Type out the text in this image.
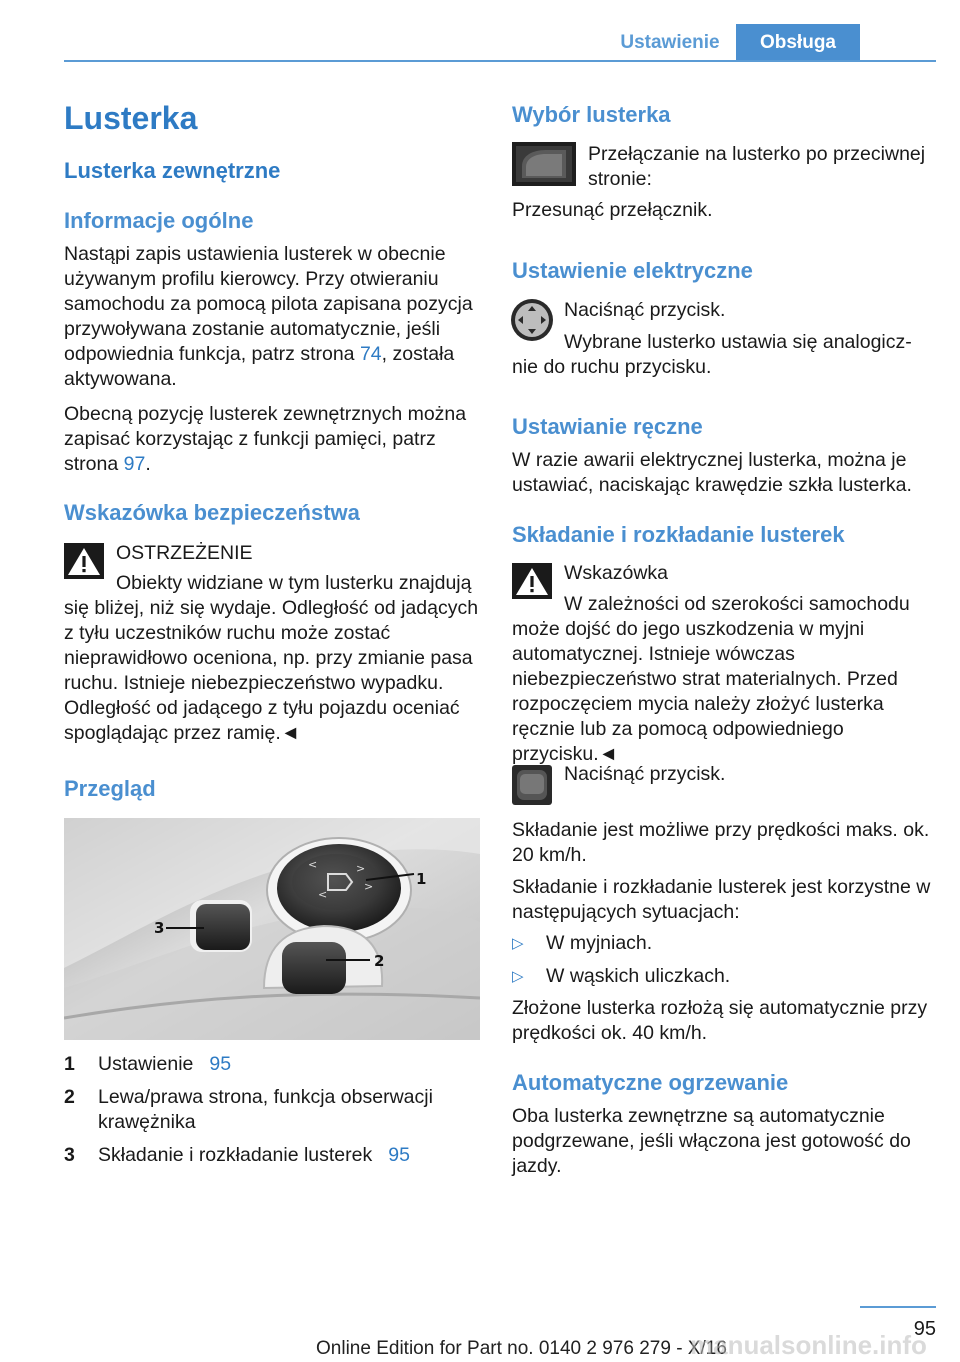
Ustawienie	Obsługa
Lusterka
Lusterka zewnętrzne
Informacje ogólne

Nastąpi zapis ustawienia lusterek w obecnie używanym profilu kierowcy. Przy otwieraniu samochodu za pomocą pilota zapisana pozycja przywoływana zostanie automatycznie, jeśli odpowiednia funkcja, patrz strona 74, została aktywowana.

Obecną pozycję lusterek zewnętrznych można zapisać korzystając z funkcji pamięci, patrz strona 97.

Wskazówka bezpieczeństwa
OSTRZEŻENIE
Obiekty widziane w tym lusterku znajdują

się bliżej, niż się wydaje. Odległość od jadących z tyłu uczestników ruchu może zostać nieprawidłowo oceniona, np. przy zmianie pasa ruchu. Istnieje niebezpieczeństwo wypadku. Odległość od jadącego z tyłu pojazdu oceniać spoglądając przez ramię.◄

Przegląd
<
>
<
>
1
2
3
1	Ustawienie 95
2	Lewa/prawa strona, funkcja obserwacji krawężnika
3	Składanie i rozkładanie lusterek 95
Wybór lusterka
Przełączanie na lusterko po przeciwnej stronie:
Przesunąć przełącznik.
Ustawienie elektryczne
Naciśnąć przycisk.
Wybrane lusterko ustawia się analogicz-
nie do ruchu przycisku.
Ustawianie ręczne

W razie awarii elektrycznej lusterka, można je ustawiać, naciskając krawędzie szkła lusterka.

Składanie i rozkładanie lusterek
Wskazówka
W zależności od szerokości samochodu

może dojść do jego uszkodzenia w myjni automatycznej. Istnieje wówczas niebezpieczeństwo strat materialnych. Przed rozpoczęciem mycia należy złożyć lusterka ręcznie lub za pomocą odpowiedniego przycisku.◄

Naciśnąć przycisk.

Składanie jest możliwe przy prędkości maks. ok. 20 km/h.

Składanie i rozkładanie lusterek jest korzystne w następujących sytuacjach:

▷	W myjniach.
▷	W wąskich uliczkach.

Złożone lusterka rozłożą się automatycznie przy prędkości ok. 40 km/h.

Automatyczne ogrzewanie

Oba lusterka zewnętrzne są automatycznie podgrzewane, jeśli włączona jest gotowość do jazdy.

95
Online Edition for Part no. 0140 2 976 279 - X/16
manualsonline.info
